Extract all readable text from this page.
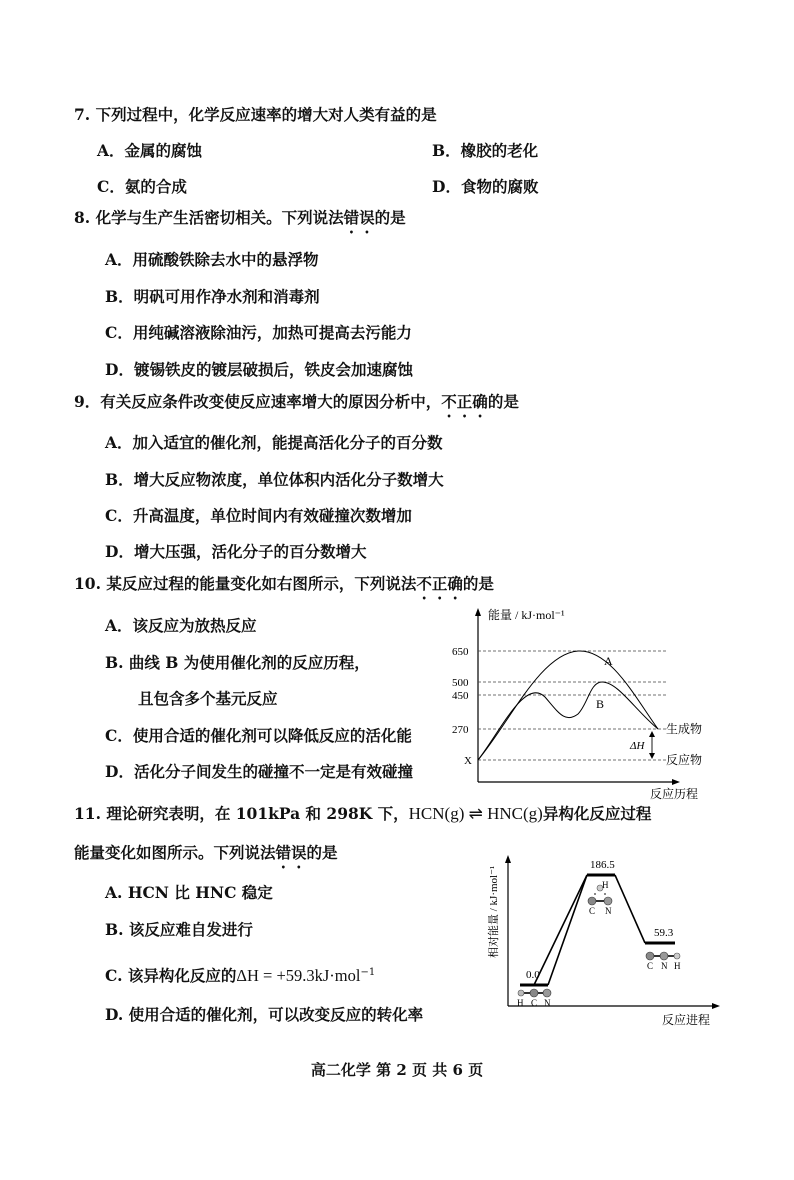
7. 下列过程中，化学反应速率的增大对人类有益的是
A．金属的腐蚀	B．橡胶的老化
C．氨的合成	D．食物的腐败
8. 化学与生产生活密切相关。下列说法错误的是
A．用硫酸铁除去水中的悬浮物
B．明矾可用作净水剂和消毒剂
C．用纯碱溶液除油污，加热可提高去污能力
D．镀锡铁皮的镀层破损后，铁皮会加速腐蚀
9．有关反应条件改变使反应速率增大的原因分析中，不正确的是
A．加入适宜的催化剂，能提高活化分子的百分数
B．增大反应物浓度，单位体积内活化分子数增大
C．升高温度，单位时间内有效碰撞次数增加
D．增大压强，活化分子的百分数增大
10. 某反应过程的能量变化如右图所示，下列说法不正确的是
A．该反应为放热反应
B. 曲线 B 为使用催化剂的反应历程，
且包含多个基元反应
C．使用合适的催化剂可以降低反应的活化能
D．活化分子间发生的碰撞不一定是有效碰撞
能量 / kJ·mol⁻¹
反应历程
650
500
450
270
X
A
B
生成物
反应物
ΔH
11. 理论研究表明，在 101kPa 和 298K 下，HCN(g) ⇌ HNC(g)异构化反应过程
能量变化如图所示。下列说法错误的是
A. HCN 比 HNC 稳定
B. 该反应难自发进行
C. 该异构化反应的ΔH = +59.3kJ·mol$^{-1}$
D. 使用合适的催化剂，可以改变反应的转化率
相对能量 / kJ·mol⁻¹
反应进程
0.0
186.5
59.3
H C N
H
C N
C N H
高二化学 第 2 页 共 6 页
